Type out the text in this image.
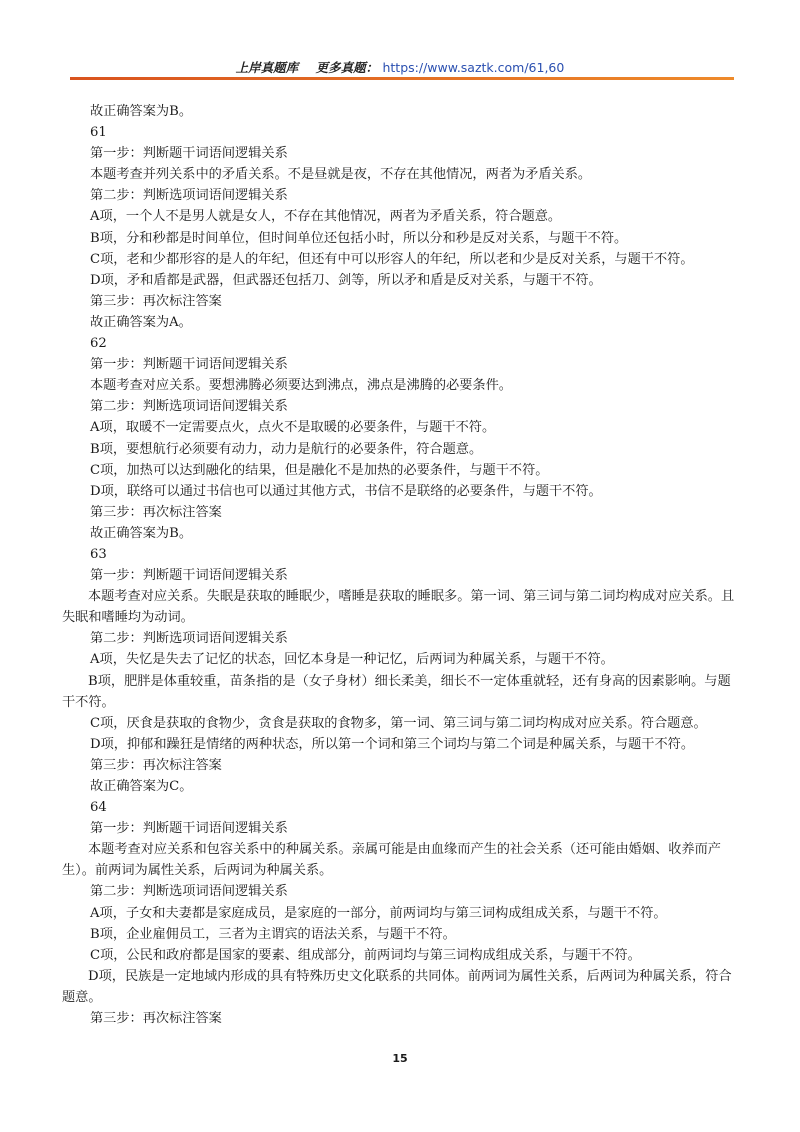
上岸真题库 更多真题： https://www.saztk.com/61,60

故正确答案为B。

61

第一步：判断题干词语间逻辑关系

本题考查并列关系中的矛盾关系。不是昼就是夜，不存在其他情况，两者为矛盾关系。

第二步：判断选项词语间逻辑关系

A项，一个人不是男人就是女人，不存在其他情况，两者为矛盾关系，符合题意。

B项，分和秒都是时间单位，但时间单位还包括小时，所以分和秒是反对关系，与题干不符。

C项，老和少都形容的是人的年纪，但还有中可以形容人的年纪，所以老和少是反对关系，与题干不符。

D项，矛和盾都是武器，但武器还包括刀、剑等，所以矛和盾是反对关系，与题干不符。

第三步：再次标注答案

故正确答案为A。

62

第一步：判断题干词语间逻辑关系

本题考查对应关系。要想沸腾必须要达到沸点，沸点是沸腾的必要条件。

第二步：判断选项词语间逻辑关系

A项，取暖不一定需要点火，点火不是取暖的必要条件，与题干不符。

B项，要想航行必须要有动力，动力是航行的必要条件，符合题意。

C项，加热可以达到融化的结果，但是融化不是加热的必要条件，与题干不符。

D项，联络可以通过书信也可以通过其他方式，书信不是联络的必要条件，与题干不符。

第三步：再次标注答案

故正确答案为B。

63

第一步：判断题干词语间逻辑关系

本题考查对应关系。失眠是获取的睡眠少，嗜睡是获取的睡眠多。第一词、第三词与第二词均构成对应关系。且失眠和嗜睡均为动词。

第二步：判断选项词语间逻辑关系

A项，失忆是失去了记忆的状态，回忆本身是一种记忆，后两词为种属关系，与题干不符。

B项，肥胖是体重较重，苗条指的是（女子身材）细长柔美，细长不一定体重就轻，还有身高的因素影响。与题干不符。

C项，厌食是获取的食物少，贪食是获取的食物多，第一词、第三词与第二词均构成对应关系。符合题意。

D项，抑郁和躁狂是情绪的两种状态，所以第一个词和第三个词均与第二个词是种属关系，与题干不符。

第三步：再次标注答案

故正确答案为C。

64

第一步：判断题干词语间逻辑关系

本题考查对应关系和包容关系中的种属关系。亲属可能是由血缘而产生的社会关系（还可能由婚姻、收养而产生）。前两词为属性关系，后两词为种属关系。

第二步：判断选项词语间逻辑关系

A项，子女和夫妻都是家庭成员，是家庭的一部分，前两词均与第三词构成组成关系，与题干不符。

B项，企业雇佣员工，三者为主谓宾的语法关系，与题干不符。

C项，公民和政府都是国家的要素、组成部分，前两词均与第三词构成组成关系，与题干不符。

D项，民族是一定地域内形成的具有特殊历史文化联系的共同体。前两词为属性关系，后两词为种属关系，符合题意。

第三步：再次标注答案

15
